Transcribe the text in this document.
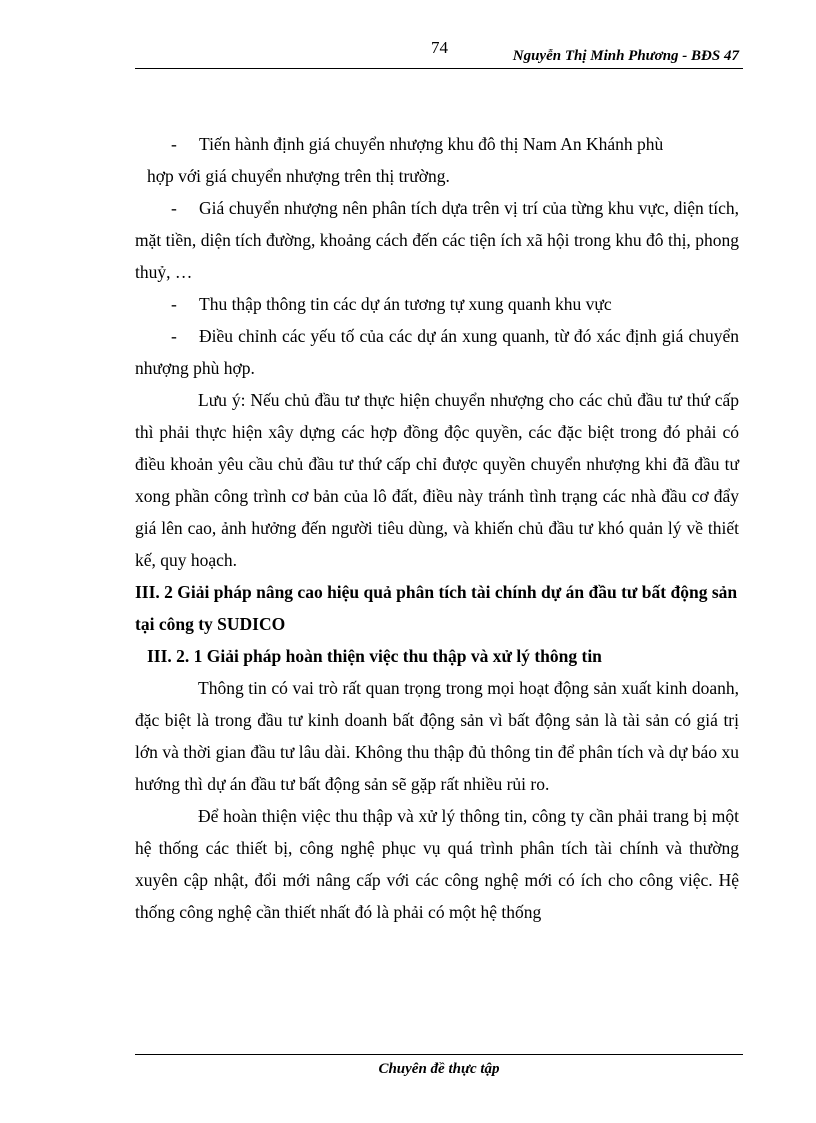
74	Nguyễn Thị Minh Phương - BĐS 47

- Tiến hành định giá chuyển nhượng khu đô thị Nam An Khánh phù
hợp với giá chuyển nhượng trên thị trường.

- Giá chuyển nhượng nên phân tích dựa trên vị trí của từng khu vực, diện tích, mặt tiền, diện tích đường, khoảng cách đến các tiện ích xã hội trong khu đô thị, phong thuỷ, …

- Thu thập thông tin các dự án tương tự xung quanh khu vực

- Điều chỉnh các yếu tố của các dự án xung quanh, từ đó xác định giá chuyển nhượng phù hợp.

Lưu ý: Nếu chủ đầu tư thực hiện chuyển nhượng cho các chủ đầu tư thứ cấp thì phải thực hiện xây dựng các hợp đồng độc quyền, các đặc biệt trong đó phải có điều khoản yêu cầu chủ đầu tư thứ cấp chỉ được quyền chuyển nhượng khi đã đầu tư xong phần công trình cơ bản của lô đất, điều này tránh tình trạng các nhà đầu cơ đẩy giá lên cao, ảnh hưởng đến người tiêu dùng, và khiến chủ đầu tư khó quản lý về thiết kế, quy hoạch.

III. 2 Giải pháp nâng cao hiệu quả phân tích tài chính dự án đầu tư bất động sản tại công ty SUDICO

III. 2. 1 Giải pháp hoàn thiện việc thu thập và xử lý thông tin

Thông tin có vai trò rất quan trọng trong mọi hoạt động sản xuất kinh doanh, đặc biệt là trong đầu tư kinh doanh bất động sản vì bất động sản là tài sản có giá trị lớn và thời gian đầu tư lâu dài. Không thu thập đủ thông tin để phân tích và dự báo xu hướng thì dự án đầu tư bất động sản sẽ gặp rất nhiều rủi ro.

Để hoàn thiện việc thu thập và xử lý thông tin, công ty cần phải trang bị một hệ thống các thiết bị, công nghệ phục vụ quá trình phân tích tài chính và thường xuyên cập nhật, đổi mới nâng cấp với các công nghệ mới có ích cho công việc. Hệ thống công nghệ cần thiết nhất đó là phải có một hệ thống

Chuyên đề thực tập
